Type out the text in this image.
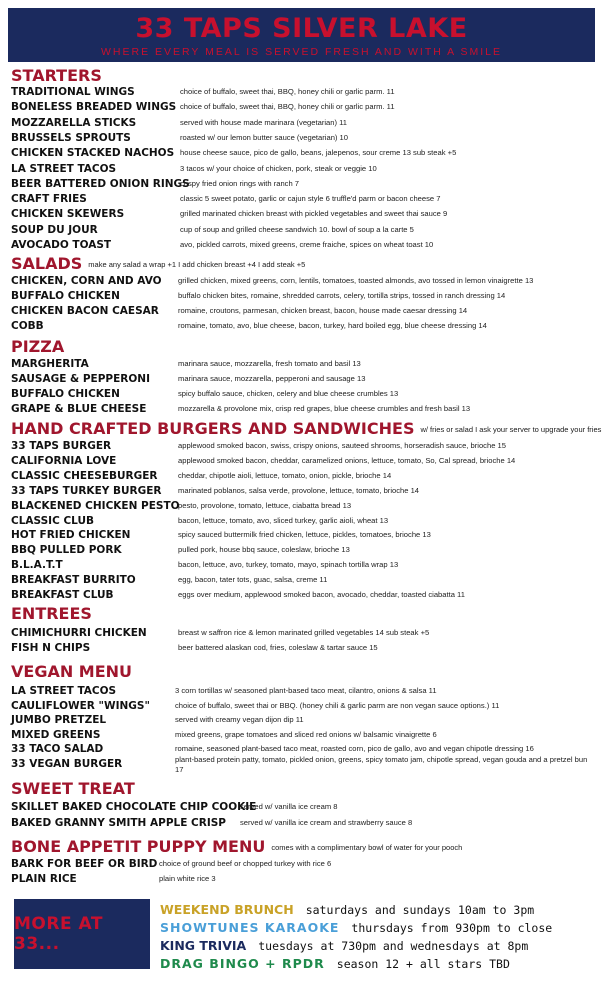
33 TAPS SILVER LAKE
WHERE EVERY MEAL IS SERVED FRESH AND WITH A SMILE
STARTERS
SALADS make any salad a wrap +1 I add chicken breast +4 I add steak +5
PIZZA
HAND CRAFTED BURGERS AND SANDWICHES w/ fries or salad I ask your server to upgrade your fries
ENTREES
VEGAN MENU
SWEET TREAT
BONE APPETIT PUPPY MENU comes with a complimentary bowl of water for your pooch
TRADITIONAL WINGS	choice of buffalo, sweet thai, BBQ, honey chili or garlic parm. 11
BONELESS BREADED WINGS choice of buffalo, sweet thai, BBQ, honey chili or garlic parm. 11
MOZZARELLA STICKS	served with house made marinara (vegetarian) 11
BRUSSELS SPROUTS	roasted w/ our lemon butter sauce (vegetarian) 10
CHICKEN STACKED NACHOS house cheese sauce, pico de gallo, beans, jalepenos, sour creme 13 sub steak +5
LA STREET TACOS	3 tacos w/ your choice of chicken, pork, steak or veggie 10
BEER BATTERED ONION RINGS
crispy fried onion rings with ranch 7
CRAFT FRIES	classic 5 sweet potato, garlic or cajun style 6 truffle'd parm or bacon cheese 7
CHICKEN SKEWERS	grilled marinated chicken breast with pickled vegetables and sweet thai sauce 9
SOUP DU JOUR	cup of soup and grilled cheese sandwich 10. bowl of soup a la carte 5
AVOCADO TOAST	avo, pickled carrots, mixed greens, creme fraiche, spices on wheat toast 10
CHICKEN, CORN AND AVO grilled chicken, mixed greens, corn, lentils, tomatoes, toasted almonds, avo tossed in lemon vinaigrette 13
BUFFALO CHICKEN	buffalo chicken bites, romaine, shredded carrots, celery, tortilla strips, tossed in ranch dressing 14
CHICKEN BACON CAESAR	romaine, croutons, parmesan, chicken breast, bacon, house made caesar dressing 14
COBB	romaine, tomato, avo, blue cheese, bacon, turkey, hard boiled egg, blue cheese dressing 14
MARGHERITA	marinara sauce, mozzarella, fresh tomato and basil 13
SAUSAGE & PEPPERONI	marinara sauce, mozzarella, pepperoni and sausage 13
BUFFALO CHICKEN	spicy buffalo sauce, chicken, celery and blue cheese crumbles 13
GRAPE & BLUE CHEESE	mozzarella & provolone mix, crisp red grapes, blue cheese crumbles and fresh basil 13
33 TAPS BURGER	applewood smoked bacon, swiss, crispy onions, sauteed shrooms, horseradish sauce, brioche 15
CALIFORNIA LOVE	applewood smoked bacon, cheddar, caramelized onions, lettuce, tomato, So, Cal spread, brioche 14
CLASSIC CHEESEBURGER	cheddar, chipotle aioli, lettuce, tomato, onion, pickle, brioche 14
33 TAPS TURKEY BURGER marinated poblanos, salsa verde, provolone, lettuce, tomato, brioche 14
BLACKENED CHICKEN PESTO
pesto, provolone, tomato, lettuce, ciabatta bread 13
CLASSIC CLUB	bacon, lettuce, tomato, avo, sliced turkey, garlic aioli, wheat 13
HOT FRIED CHICKEN	spicy sauced buttermilk fried chicken, lettuce, pickles, tomatoes, brioche 13
BBQ PULLED PORK	pulled pork, house bbq sauce, coleslaw, brioche 13
B.L.A.T.T	bacon, lettuce, avo, turkey, tomato, mayo, spinach tortilla wrap 13
BREAKFAST BURRITO	egg, bacon, tater tots, guac, salsa, creme 11
BREAKFAST CLUB	eggs over medium, applewood smoked bacon, avocado, cheddar, toasted ciabatta 11
CHIMICHURRI CHICKEN	breast w saffron rice & lemon marinated grilled vegetables 14 sub steak +5
FISH N CHIPS	beer battered alaskan cod, fries, coleslaw & tartar sauce 15
LA STREET TACOS	3 corn tortillas w/ seasoned plant-based taco meat, cilantro, onions & salsa 11
CAULIFLOWER "WINGS"	choice of buffalo, sweet thai or BBQ. (honey chili & garlic parm are non vegan sauce options.) 11
JUMBO PRETZEL	served with creamy vegan dijon dip 11
MIXED GREENS	mixed greens, grape tomatoes and sliced red onions w/ balsamic vinaigrette 6
33 TACO SALAD	romaine, seasoned plant-based taco meat, roasted corn, pico de gallo, avo and vegan chipotle dressing 16
33 VEGAN BURGER	plant-based protein patty, tomato, pickled onion, greens, spicy tomato jam, chipotle spread, vegan gouda and a pretzel bun 17
SKILLET BAKED CHOCOLATE CHIP COOKIE
served w/ vanilla ice cream 8
BAKED GRANNY SMITH APPLE CRISP served w/ vanilla ice cream and strawberry sauce 8
BARK FOR BEEF OR BIRD choice of ground beef or chopped turkey with rice 6
PLAIN RICE	plain white rice 3
MORE AT 33...
WEEKEND BRUNCH saturdays and sundays 10am to 3pm
SHOWTUNES KARAOKE thursdays from 930pm to close
KING TRIVIA tuesdays at 730pm and wednesdays at 8pm
DRAG BINGO + RPDR season 12 + all stars TBD
